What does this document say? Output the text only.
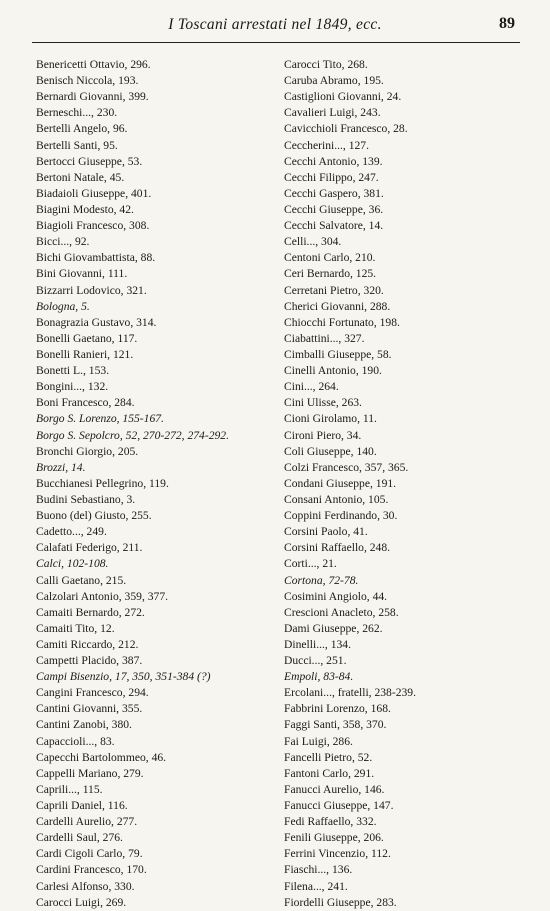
I Toscani arrestati nel 1849, ecc.	89
Benericetti Ottavio, 296.
Benisch Niccola, 193.
Bernardi Giovanni, 399.
Berneschi..., 230.
Bertelli Angelo, 96.
Bertelli Santi, 95.
Bertocci Giuseppe, 53.
Bertoni Natale, 45.
Biadaioli Giuseppe, 401.
Biagini Modesto, 42.
Biagioli Francesco, 308.
Bicci..., 92.
Bichi Giovambattista, 88.
Bini Giovanni, 111.
Bizzarri Lodovico, 321.
Bologna, 5.
Bonagrazia Gustavo, 314.
Bonelli Gaetano, 117.
Bonelli Ranieri, 121.
Bonetti L., 153.
Bongini..., 132.
Boni Francesco, 284.
Borgo S. Lorenzo, 155-167.
Borgo S. Sepolcro, 52, 270-272, 274-292.
Bronchi Giorgio, 205.
Brozzi, 14.
Bucchianesi Pellegrino, 119.
Budini Sebastiano, 3.
Buono (del) Giusto, 255.
Cadetto..., 249.
Calafati Federigo, 211.
Calci, 102-108.
Calli Gaetano, 215.
Calzolari Antonio, 359, 377.
Camaiti Bernardo, 272.
Camaiti Tito, 12.
Camiti Riccardo, 212.
Campetti Placido, 387.
Campi Bisenzio, 17, 350, 351-384 (?)
Cangini Francesco, 294.
Cantini Giovanni, 355.
Cantini Zanobi, 380.
Capaccioli..., 83.
Capecchi Bartolommeo, 46.
Cappelli Mariano, 279.
Caprili..., 115.
Caprili Daniel, 116.
Cardelli Aurelio, 277.
Cardelli Saul, 276.
Cardi Cigoli Carlo, 79.
Cardini Francesco, 170.
Carlesi Alfonso, 330.
Carocci Luigi, 269.
Carocci Tito, 268.
Caruba Abramo, 195.
Castiglioni Giovanni, 24.
Cavalieri Luigi, 243.
Cavicchioli Francesco, 28.
Ceccherini..., 127.
Cecchi Antonio, 139.
Cecchi Filippo, 247.
Cecchi Gaspero, 381.
Cecchi Giuseppe, 36.
Cecchi Salvatore, 14.
Celli..., 304.
Centoni Carlo, 210.
Ceri Bernardo, 125.
Cerretani Pietro, 320.
Cherici Giovanni, 288.
Chiocchi Fortunato, 198.
Ciabattini..., 327.
Cimballi Giuseppe, 58.
Cinelli Antonio, 190.
Cini..., 264.
Cini Ulisse, 263.
Cioni Girolamo, 11.
Cironi Piero, 34.
Coli Giuseppe, 140.
Colzi Francesco, 357, 365.
Condani Giuseppe, 191.
Consani Antonio, 105.
Coppini Ferdinando, 30.
Corsini Paolo, 41.
Corsini Raffaello, 248.
Corti..., 21.
Cortona, 72-78.
Cosimini Angiolo, 44.
Crescioni Anacleto, 258.
Dami Giuseppe, 262.
Dinelli..., 134.
Ducci..., 251.
Empoli, 83-84.
Ercolani..., fratelli, 238-239.
Fabbrini Lorenzo, 168.
Faggi Santi, 358, 370.
Fai Luigi, 286.
Fancelli Pietro, 52.
Fantoni Carlo, 291.
Fanucci Aurelio, 146.
Fanucci Giuseppe, 147.
Fedi Raffaello, 332.
Fenili Giuseppe, 206.
Ferrini Vincenzio, 112.
Fiaschi..., 136.
Filena..., 241.
Fiordelli Giuseppe, 283.
